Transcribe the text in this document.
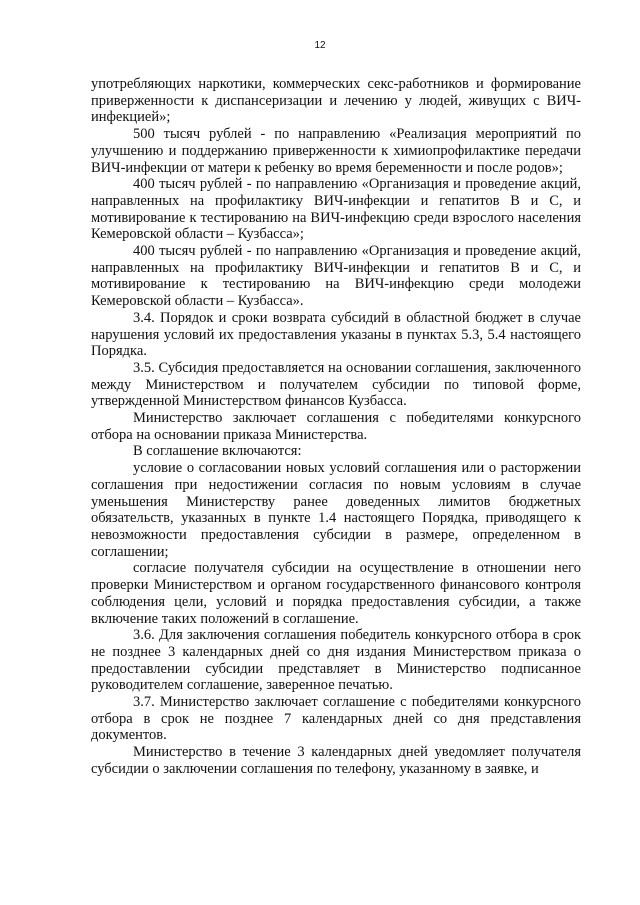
12

употребляющих наркотики, коммерческих секс-работников и формирование приверженности к диспансеризации и лечению у людей, живущих с ВИЧ-инфекцией»;

500 тысяч рублей - по направлению «Реализация мероприятий по улучшению и поддержанию приверженности к химиопрофилактике передачи ВИЧ-инфекции от матери к ребенку во время беременности и после родов»;

400 тысяч рублей - по направлению «Организация и проведение акций, направленных на профилактику ВИЧ-инфекции и гепатитов В и С, и мотивирование к тестированию на ВИЧ-инфекцию среди взрослого населения Кемеровской области – Кузбасса»;

400 тысяч рублей - по направлению «Организация и проведение акций, направленных на профилактику ВИЧ-инфекции и гепатитов В и С, и мотивирование к тестированию на ВИЧ-инфекцию среди молодежи Кемеровской области – Кузбасса».

3.4. Порядок и сроки возврата субсидий в областной бюджет в случае нарушения условий их предоставления указаны в пунктах 5.3, 5.4 настоящего Порядка.

3.5. Субсидия предоставляется на основании соглашения, заключенного между Министерством и получателем субсидии по типовой форме, утвержденной Министерством финансов Кузбасса.

Министерство заключает соглашения с победителями конкурсного отбора на основании приказа Министерства.

В соглашение включаются:

условие о согласовании новых условий соглашения или о расторжении соглашения при недостижении согласия по новым условиям в случае уменьшения Министерству ранее доведенных лимитов бюджетных обязательств, указанных в пункте 1.4 настоящего Порядка, приводящего к невозможности предоставления субсидии в размере, определенном в соглашении;

согласие получателя субсидии на осуществление в отношении него проверки Министерством и органом государственного финансового контроля соблюдения цели, условий и порядка предоставления субсидии, а также включение таких положений в соглашение.

3.6. Для заключения соглашения победитель конкурсного отбора в срок не позднее 3 календарных дней со дня издания Министерством приказа о предоставлении субсидии представляет в Министерство подписанное руководителем соглашение, заверенное печатью.

3.7. Министерство заключает соглашение с победителями конкурсного отбора в срок не позднее 7 календарных дней со дня представления документов.

Министерство в течение 3 календарных дней уведомляет получателя субсидии о заключении соглашения по телефону, указанному в заявке, и
